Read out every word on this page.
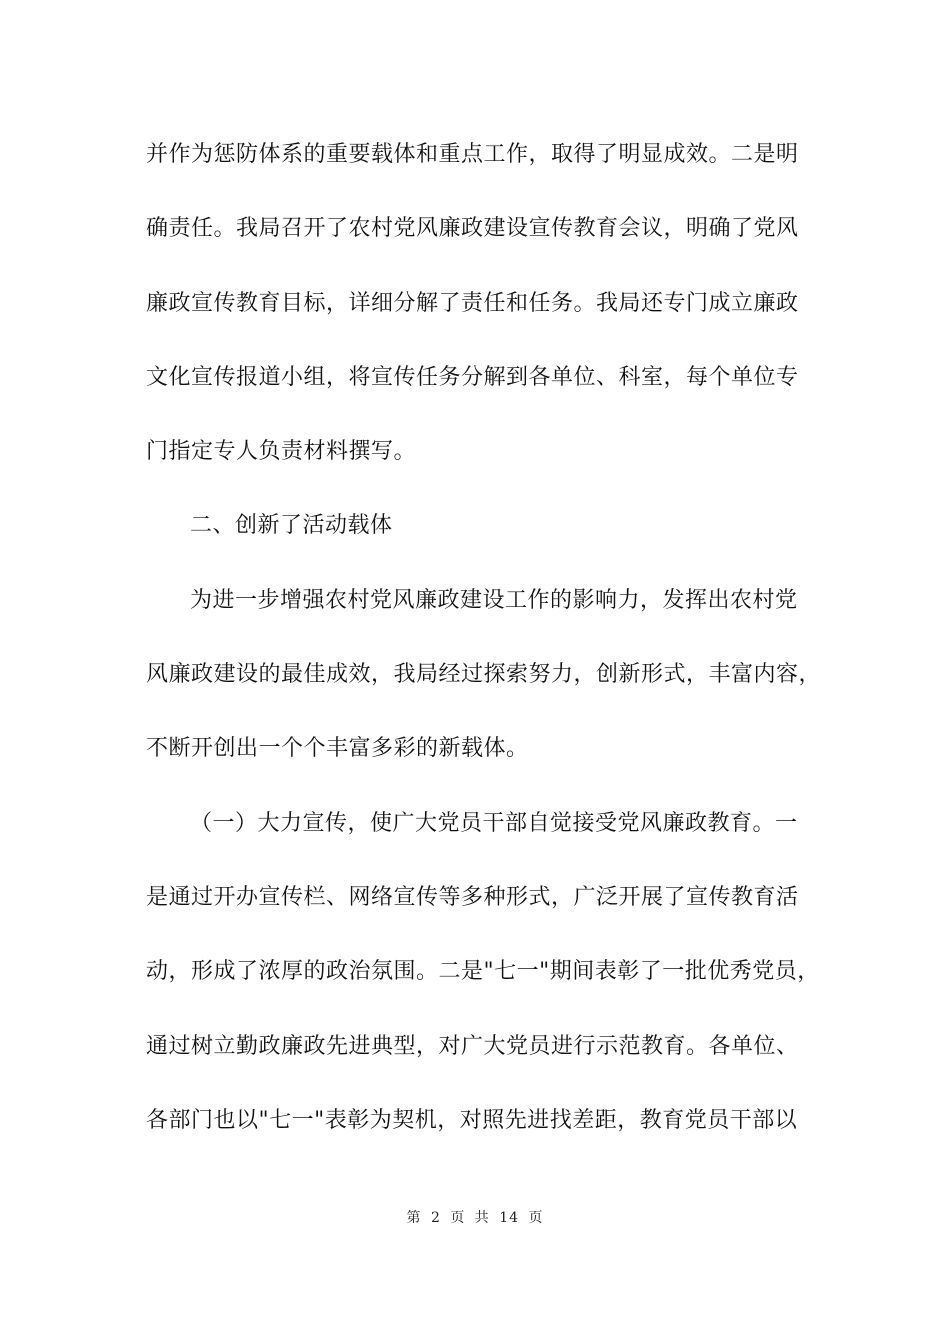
并作为惩防体系的重要载体和重点工作，取得了明显成效。二是明
确责任。我局召开了农村党风廉政建设宣传教育会议，明确了党风
廉政宣传教育目标，详细分解了责任和任务。我局还专门成立廉政
文化宣传报道小组，将宣传任务分解到各单位、科室，每个单位专
门指定专人负责材料撰写。
二、创新了活动载体
为进一步增强农村党风廉政建设工作的影响力，发挥出农村党
风廉政建设的最佳成效，我局经过探索努力，创新形式，丰富内容，
不断开创出一个个丰富多彩的新载体。
（一）大力宣传，使广大党员干部自觉接受党风廉政教育。一
是通过开办宣传栏、网络宣传等多种形式，广泛开展了宣传教育活
动，形成了浓厚的政治氛围。二是"七一"期间表彰了一批优秀党员，
通过树立勤政廉政先进典型，对广大党员进行示范教育。各单位、
各部门也以"七一"表彰为契机，对照先进找差距，教育党员干部以
第 2 页 共 14 页
